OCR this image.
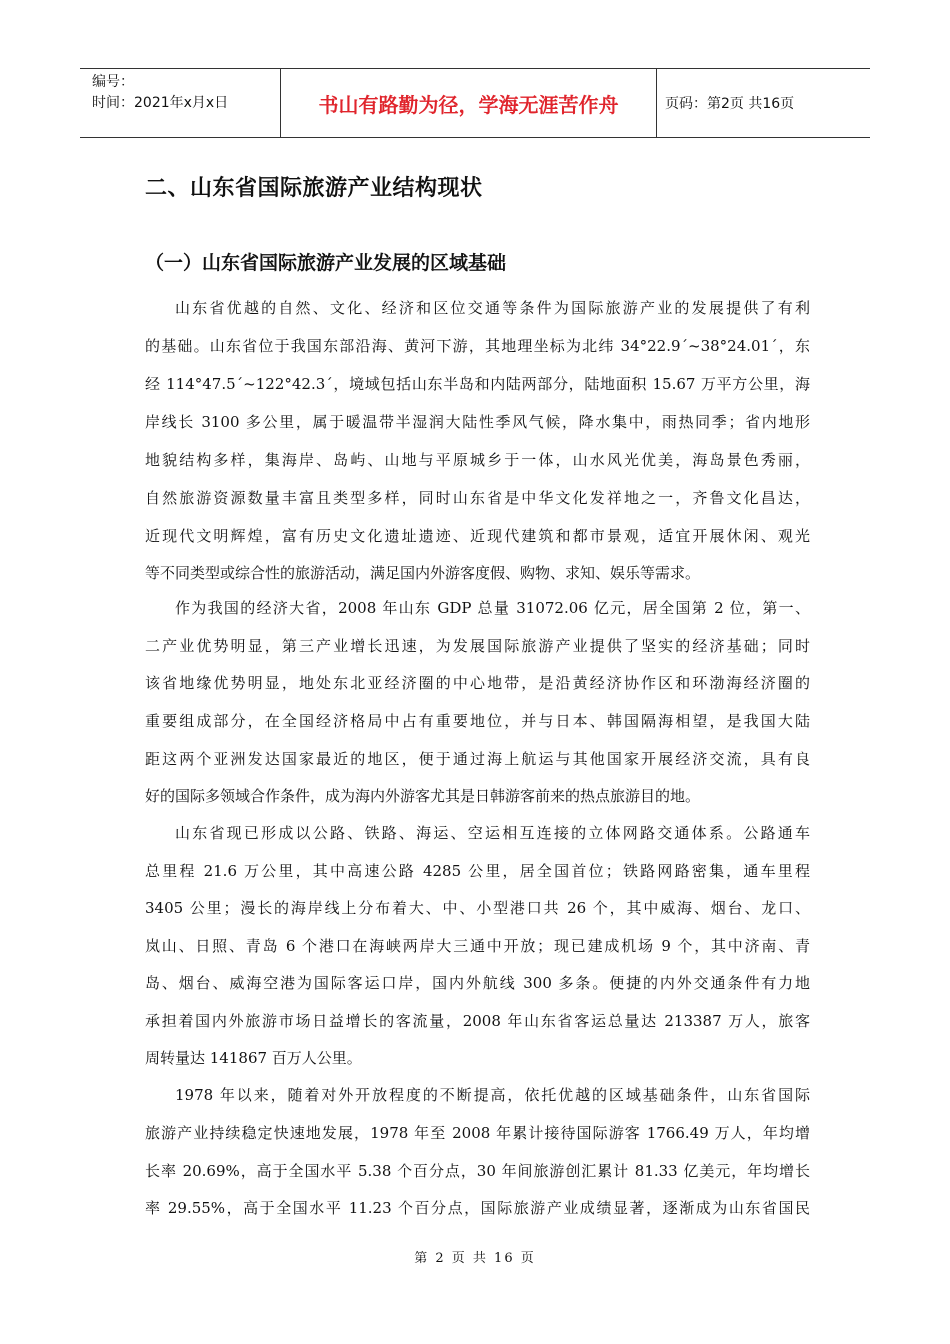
编号：
时间：2021年x月x日	书山有路勤为径，学海无涯苦作舟	页码：第2页 共16页
二、山东省国际旅游产业结构现状
（一）山东省国际旅游产业发展的区域基础
山东省优越的自然、文化、经济和区位交通等条件为国际旅游产业的发展提供了有利
的基础。山东省位于我国东部沿海、黄河下游，其地理坐标为北纬 34°22.9´~38°24.01´，东
经 114°47.5´~122°42.3´，境域包括山东半岛和内陆两部分，陆地面积 15.67 万平方公里，海
岸线长 3100 多公里，属于暖温带半湿润大陆性季风气候，降水集中，雨热同季；省内地形
地貌结构多样，集海岸、岛屿、山地与平原城乡于一体，山水风光优美，海岛景色秀丽，
自然旅游资源数量丰富且类型多样，同时山东省是中华文化发祥地之一，齐鲁文化昌达，
近现代文明辉煌，富有历史文化遗址遗迹、近现代建筑和都市景观，适宜开展休闲、观光
等不同类型或综合性的旅游活动，满足国内外游客度假、购物、求知、娱乐等需求。
作为我国的经济大省，2008 年山东 GDP 总量 31072.06 亿元，居全国第 2 位，第一、
二产业优势明显，第三产业增长迅速，为发展国际旅游产业提供了坚实的经济基础；同时
该省地缘优势明显，地处东北亚经济圈的中心地带，是沿黄经济协作区和环渤海经济圈的
重要组成部分，在全国经济格局中占有重要地位，并与日本、韩国隔海相望，是我国大陆
距这两个亚洲发达国家最近的地区，便于通过海上航运与其他国家开展经济交流，具有良
好的国际多领域合作条件，成为海内外游客尤其是日韩游客前来的热点旅游目的地。
山东省现已形成以公路、铁路、海运、空运相互连接的立体网路交通体系。公路通车
总里程 21.6 万公里，其中高速公路 4285 公里，居全国首位；铁路网路密集，通车里程
3405 公里；漫长的海岸线上分布着大、中、小型港口共 26 个，其中威海、烟台、龙口、
岚山、日照、青岛 6 个港口在海峡两岸大三通中开放；现已建成机场 9 个，其中济南、青
岛、烟台、威海空港为国际客运口岸，国内外航线 300 多条。便捷的内外交通条件有力地
承担着国内外旅游市场日益增长的客流量，2008 年山东省客运总量达 213387 万人，旅客
周转量达 141867 百万人公里。
1978 年以来，随着对外开放程度的不断提高，依托优越的区域基础条件，山东省国际
旅游产业持续稳定快速地发展，1978 年至 2008 年累计接待国际游客 1766.49 万人，年均增
长率 20.69%，高于全国水平 5.38 个百分点，30 年间旅游创汇累计 81.33 亿美元，年均增长
率 29.55%，高于全国水平 11.23 个百分点，国际旅游产业成绩显著，逐渐成为山东省国民
第 2 页 共 16 页
